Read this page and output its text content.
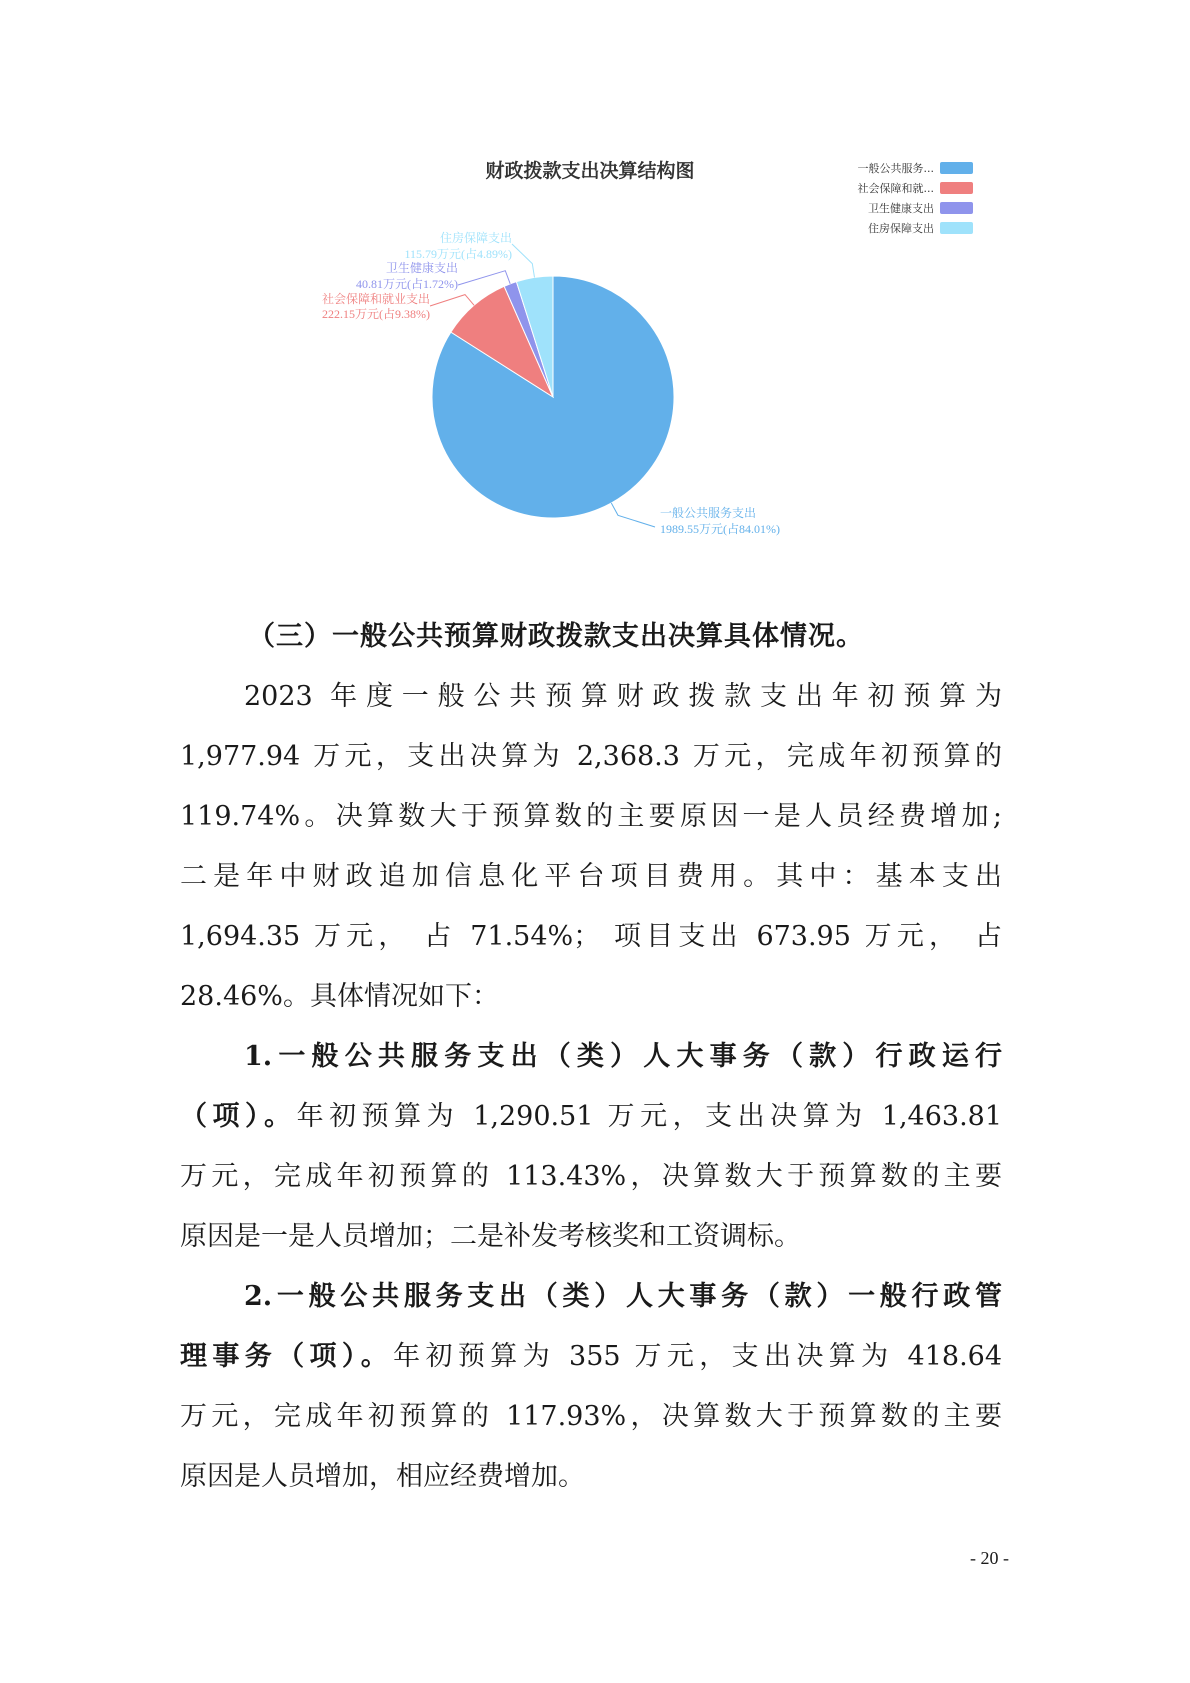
财政拨款支出决算结构图
一般公共服务支出
1989.55万元(占84.01%)
社会保障和就业支出
222.15万元(占9.38%)
卫生健康支出
40.81万元(占1.72%)
住房保障支出
115.79万元(占4.89%)
一般公共服务...
社会保障和就...
卫生健康支出
住房保障支出
（三）一般公共预算财政拨款支出决算具体情况。
2023 年度一般公共预算财政拨款支出年初预算为
1,977.94 万元，支出决算为 2,368.3 万元，完成年初预算的
119.74%。决算数大于预算数的主要原因一是人员经费增加;
二是年中财政追加信息化平台项目费用。其中：基本支出
1,694.35 万元， 占 71.54%； 项目支出 673.95 万元， 占
28.46%。具体情况如下：
1.一般公共服务支出（类）人大事务（款）行政运行
（项）。年初预算为 1,290.51 万元，支出决算为 1,463.81
万元，完成年初预算的 113.43%，决算数大于预算数的主要
原因是一是人员增加；二是补发考核奖和工资调标。
2.一般公共服务支出（类）人大事务（款）一般行政管
理事务（项）。年初预算为 355 万元，支出决算为 418.64
万元，完成年初预算的 117.93%，决算数大于预算数的主要
原因是人员增加，相应经费增加。
- 20 -
